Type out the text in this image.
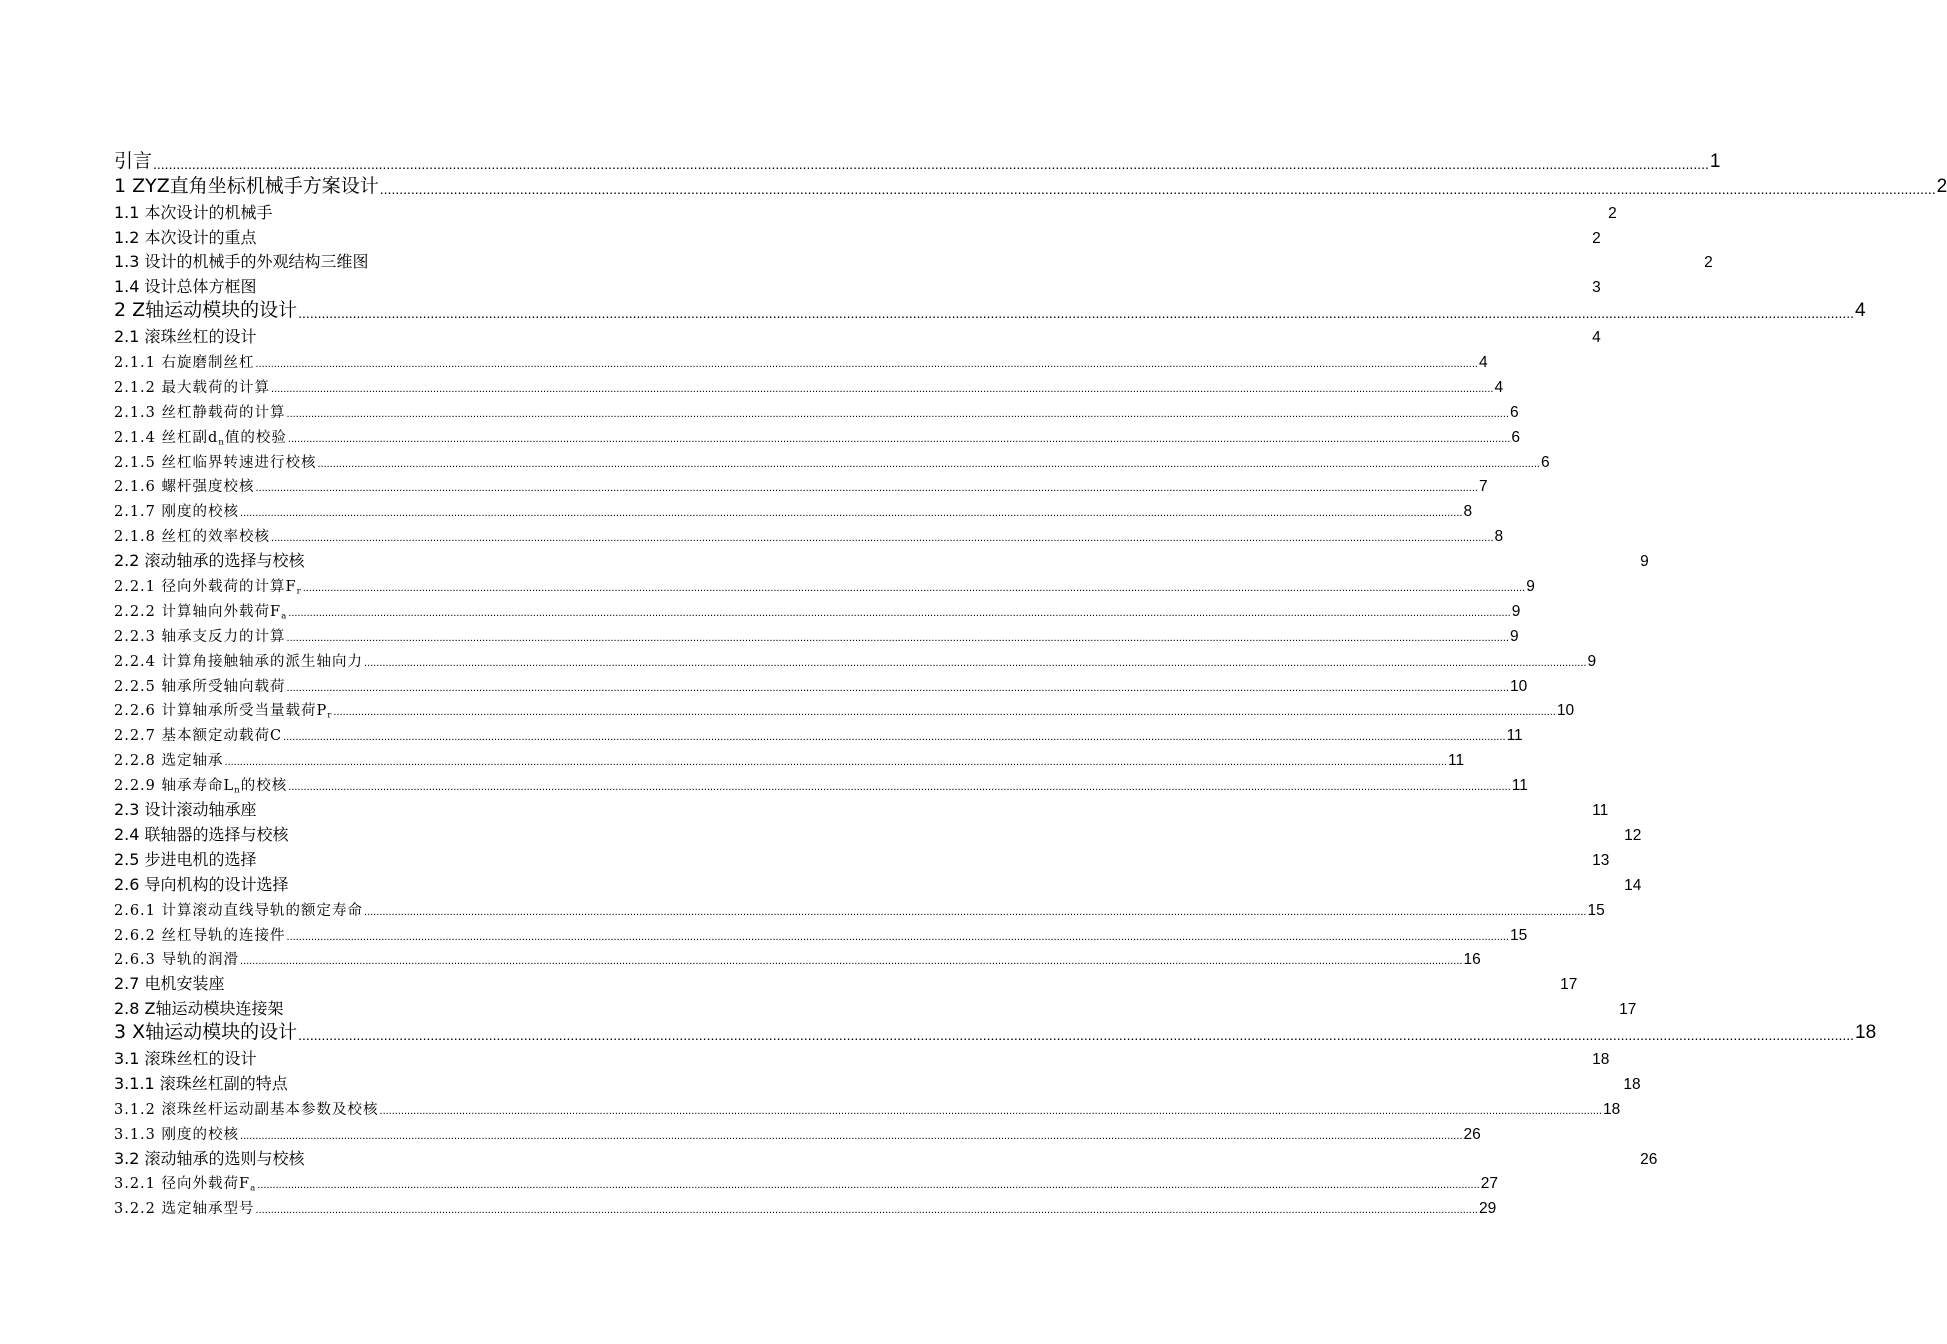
引言 ................................................................................................................................................................................................................................................................................................................................................................................................................ 1
1 ZYZ直角坐标机械手方案设计 ................................................................................................................................................................................................................................................................................................................................................................................................................ 2
1.1 本次设计的机械手	2
1.2 本次设计的重点	2
1.3 设计的机械手的外观结构三维图	2
1.4 设计总体方框图	3
2 Z轴运动模块的设计 ................................................................................................................................................................................................................................................................................................................................................................................................................ 4
2.1 滚珠丝杠的设计	4
2.1.1 右旋磨制丝杠 ................................................................................................................................................................................................................................................................................................................................................................................................................ 4
2.1.2 最大载荷的计算 ................................................................................................................................................................................................................................................................................................................................................................................................................ 4
2.1.3 丝杠静载荷的计算 ................................................................................................................................................................................................................................................................................................................................................................................................................ 6
2.1.4 丝杠副$d_n$值的校验 ................................................................................................................................................................................................................................................................................................................................................................................................................ 6
2.1.5 丝杠临界转速进行校核 ................................................................................................................................................................................................................................................................................................................................................................................................................ 6
2.1.6 螺杆强度校核 ................................................................................................................................................................................................................................................................................................................................................................................................................ 7
2.1.7 刚度的校核 ................................................................................................................................................................................................................................................................................................................................................................................................................ 8
2.1.8 丝杠的效率校核 ................................................................................................................................................................................................................................................................................................................................................................................................................ 8
2.2 滚动轴承的选择与校核	9
2.2.1 径向外载荷的计算$F_r$ ................................................................................................................................................................................................................................................................................................................................................................................................................ 9
2.2.2 计算轴向外载荷$F_a$ ................................................................................................................................................................................................................................................................................................................................................................................................................ 9
2.2.3 轴承支反力的计算 ................................................................................................................................................................................................................................................................................................................................................................................................................ 9
2.2.4 计算角接触轴承的派生轴向力 ................................................................................................................................................................................................................................................................................................................................................................................................................ 9
2.2.5 轴承所受轴向载荷 ................................................................................................................................................................................................................................................................................................................................................................................................................ 10
2.2.6 计算轴承所受当量载荷$P_r$ ................................................................................................................................................................................................................................................................................................................................................................................................................ 10
2.2.7 基本额定动载荷C ................................................................................................................................................................................................................................................................................................................................................................................................................ 11
2.2.8 选定轴承 ................................................................................................................................................................................................................................................................................................................................................................................................................ 11
2.2.9 轴承寿命$L_n$的校核 ................................................................................................................................................................................................................................................................................................................................................................................................................ 11
2.3 设计滚动轴承座	11
2.4 联轴器的选择与校核	12
2.5 步进电机的选择	13
2.6 导向机构的设计选择	14
2.6.1 计算滚动直线导轨的额定寿命 ................................................................................................................................................................................................................................................................................................................................................................................................................ 15
2.6.2 丝杠导轨的连接件 ................................................................................................................................................................................................................................................................................................................................................................................................................ 15
2.6.3 导轨的润滑 ................................................................................................................................................................................................................................................................................................................................................................................................................ 16
2.7 电机安装座	17
2.8 Z轴运动模块连接架	17
3 X轴运动模块的设计 ................................................................................................................................................................................................................................................................................................................................................................................................................ 18
3.1 滚珠丝杠的设计	18
3.1.1 滚珠丝杠副的特点	18
3.1.2 滚珠丝杆运动副基本参数及校核 ................................................................................................................................................................................................................................................................................................................................................................................................................ 18
3.1.3 刚度的校核 ................................................................................................................................................................................................................................................................................................................................................................................................................ 26
3.2 滚动轴承的选则与校核	26
3.2.1 径向外载荷$F_a$ ................................................................................................................................................................................................................................................................................................................................................................................................................ 27
3.2.2 选定轴承型号 ................................................................................................................................................................................................................................................................................................................................................................................................................ 29
